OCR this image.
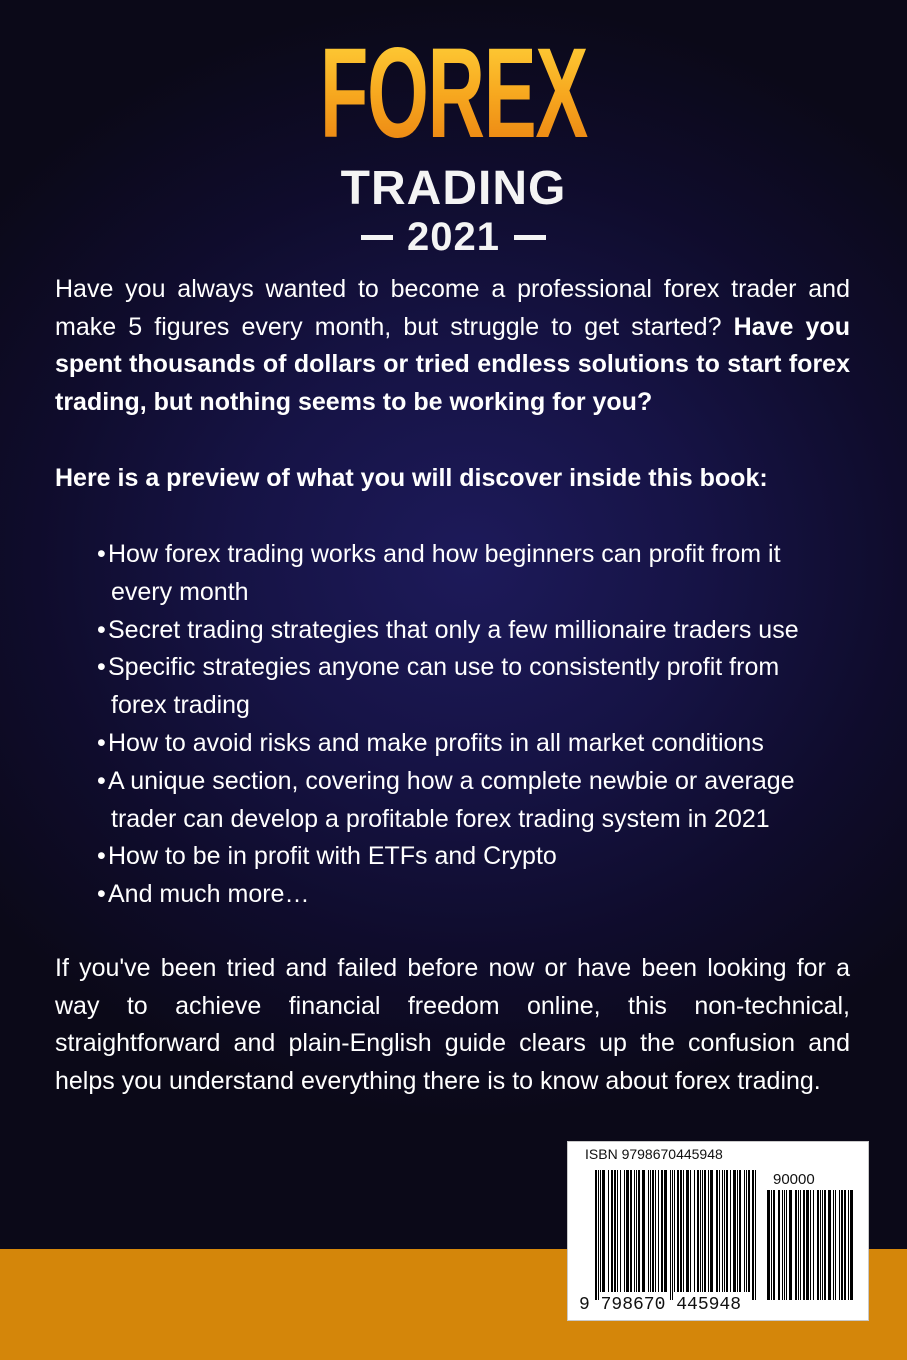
FOREX
TRADING
2021
Have you always wanted to become a professional forex trader and make 5 figures every month, but struggle to get started? Have you spent thousands of dollars or tried endless solutions to start forex trading, but nothing seems to be working for you?
Here is a preview of what you will discover inside this book:
• How forex trading works and how beginners can profit from it
every month
• Secret trading strategies that only a few millionaire traders use
• Specific strategies anyone can use to consistently profit from
forex trading
• How to avoid risks and make profits in all market conditions
• A unique section, covering how a complete newbie or average
trader can develop a profitable forex trading system in 2021
• How to be in profit with ETFs and Crypto
• And much more…
If you've been tried and failed before now or have been looking for a way to achieve financial freedom online, this non-technical, straightforward and plain-English guide clears up the confusion and helps you understand everything there is to know about forex trading.
ISBN 9798670445948
90000
9 798670 445948
